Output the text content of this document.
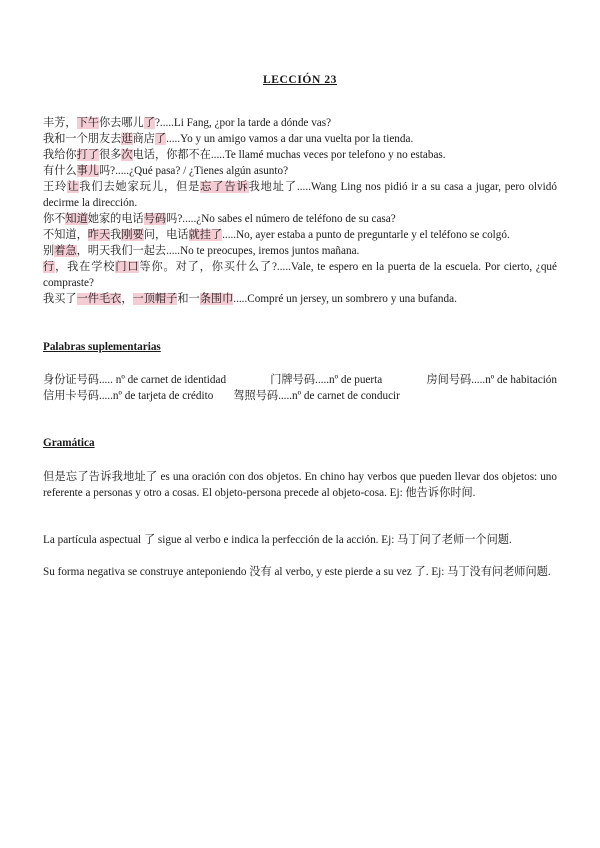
LECCIÓN 23

丰芳，下午你去哪儿了?.....Li Fang, ¿por la tarde a dónde vas?

我和一个朋友去逛商店了.....Yo y un amigo vamos a dar una vuelta por la tienda.

我给你打了很多次电话，你都不在.....Te llamé muchas veces por telefono y no estabas.

有什么事儿吗?.....¿Qué pasa? / ¿Tienes algún asunto?

王玲让我们去她家玩儿，但是忘了告诉我地址了.....Wang Ling nos pidió ir a su casa a jugar, pero olvidó decirme la dirección.

你不知道她家的电话号码吗?.....¿No sabes el número de teléfono de su casa?

不知道，昨天我刚要问，电话就挂了.....No, ayer estaba a punto de preguntarle y el teléfono se colgó.

别着急，明天我们一起去.....No te preocupes, iremos juntos mañana.

行，我在学校门口等你。对了，你买什么了?.....Vale, te espero en la puerta de la escuela. Por cierto, ¿qué compraste?

我买了一件毛衣，一顶帽子和一条围巾.....Compré un jersey, un sombrero y una bufanda.

Palabras suplementarias

身份证号码..... nº de carnet de identidad	门牌号码.....nº de puerta	房间号码.....nº de habitación
信用卡号码.....nº de tarjeta de crédito 驾照号码.....nº de carnet de conducir

Gramática

但是忘了告诉我地址了 es una oración con dos objetos. En chino hay verbos que pueden llevar dos objetos: uno referente a personas y otro a cosas. El objeto-persona precede al objeto-cosa. Ej: 他告诉你时间.

La partícula aspectual 了 sigue al verbo e indica la perfección de la acción. Ej: 马丁问了老师一个问题.

Su forma negativa se construye anteponiendo 没有 al verbo, y este pierde a su vez 了. Ej: 马丁没有问老师问题.
